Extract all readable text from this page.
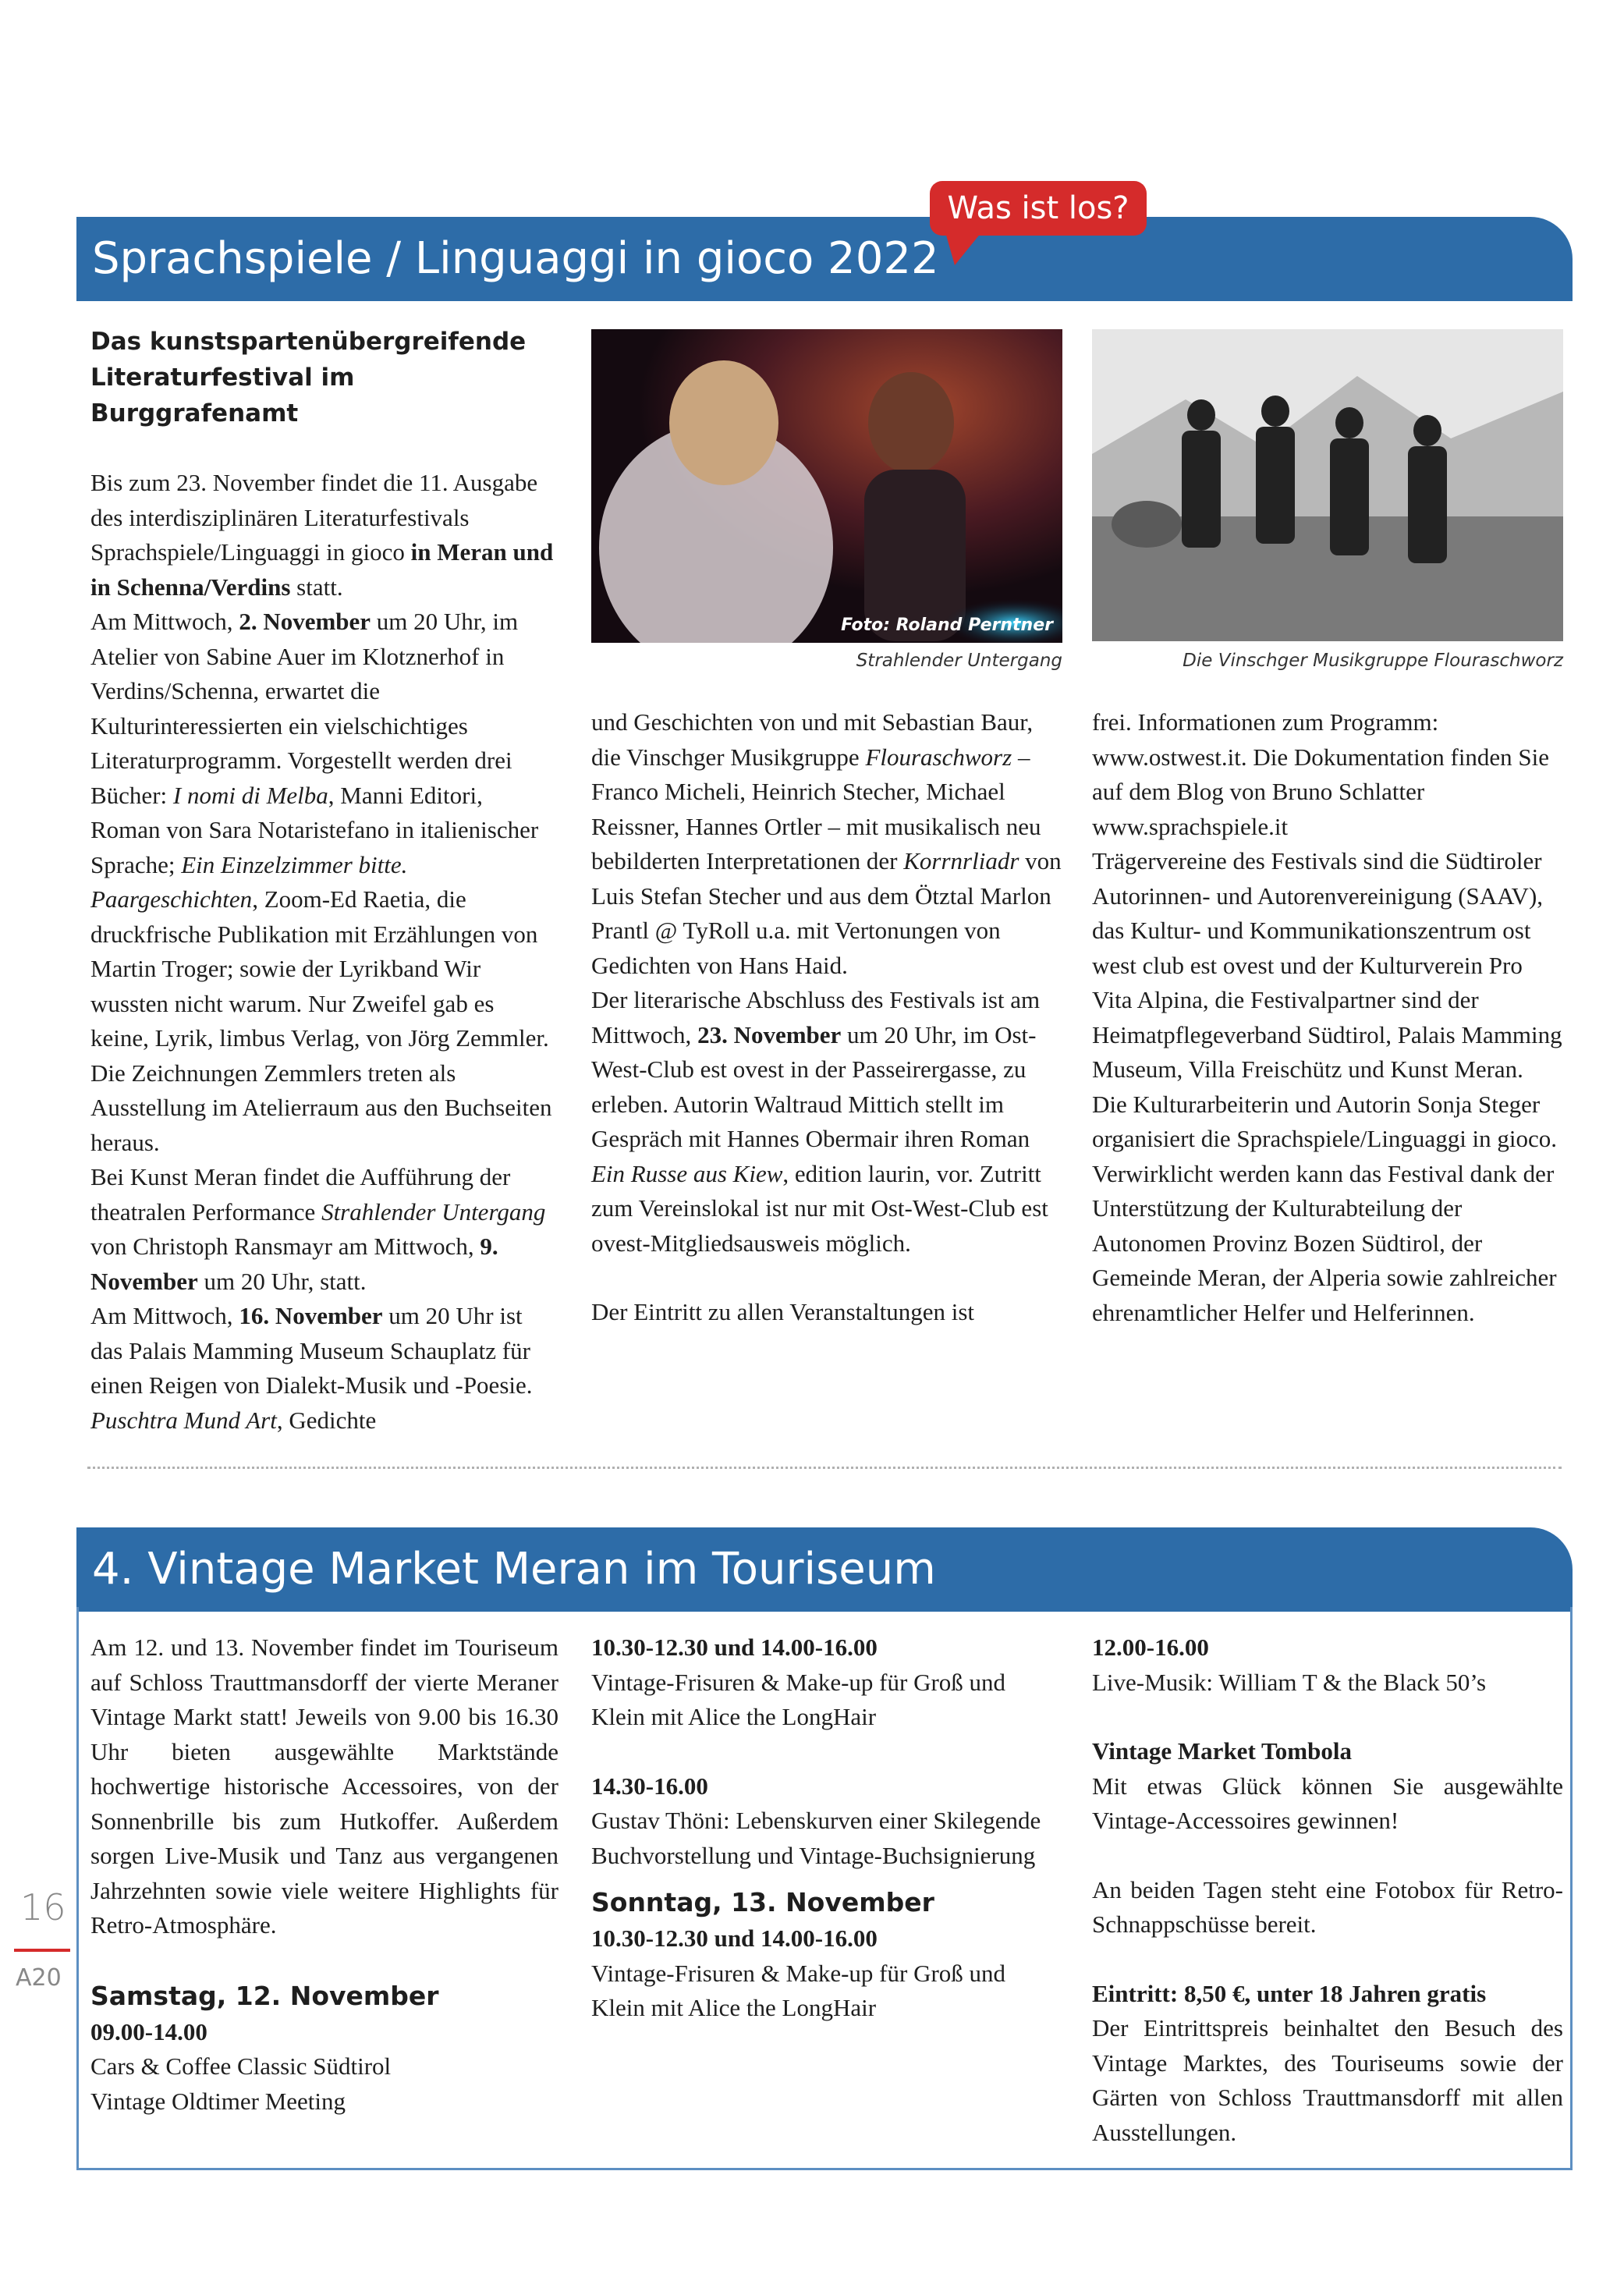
Sprachspiele / Linguaggi in gioco 2022
Was ist los?
Das kunstspartenübergreifende
Literaturfestival im Burggrafenamt

Bis zum 23. November findet die 11. Ausgabe des interdisziplinären Literaturfestivals Sprachspiele/Linguaggi in gioco in Meran und in Schenna/Verdins statt.

Am Mittwoch, 2. November um 20 Uhr, im Atelier von Sabine Auer im Klotznerhof in Verdins/Schenna, erwartet die Kulturinteressierten ein vielschichtiges Literaturprogramm. Vorgestellt werden drei Bücher: I nomi di Melba, Manni Editori, Roman von Sara Notaristefano in italienischer Sprache; Ein Einzelzimmer bitte. Paargeschichten, Zoom-Ed Raetia, die druckfrische Publikation mit Erzählungen von Martin Troger; sowie der Lyrikband Wir wussten nicht warum. Nur Zweifel gab es keine, Lyrik, limbus Verlag, von Jörg Zemmler. Die Zeichnungen Zemmlers treten als Ausstellung im Atelierraum aus den Buchseiten heraus.

Bei Kunst Meran findet die Aufführung der theatralen Performance Strahlender Untergang von Christoph Ransmayr am Mittwoch, 9. November um 20 Uhr, statt.

Am Mittwoch, 16. November um 20 Uhr ist das Palais Mamming Museum Schauplatz für einen Reigen von Dialekt-Musik und -Poesie. Puschtra Mund Art, Gedichte

Foto: Roland Perntner
Strahlender Untergang	Die Vinschger Musikgruppe Flouraschworz

und Geschichten von und mit Sebastian Baur, die Vinschger Musikgruppe Flouraschworz – Franco Micheli, Heinrich Stecher, Michael Reissner, Hannes Ortler – mit musikalisch neu bebilderten Interpretationen der Korrnrliadr von Luis Stefan Stecher und aus dem Ötztal Marlon Prantl @ TyRoll u.a. mit Vertonungen von Gedichten von Hans Haid.

Der literarische Abschluss des Festivals ist am Mittwoch, 23. November um 20 Uhr, im Ost-West-Club est ovest in der Passeirergasse, zu erleben. Autorin Waltraud Mittich stellt im Gespräch mit Hannes Obermair ihren Roman Ein Russe aus Kiew, edition laurin, vor. Zutritt zum Vereinslokal ist nur mit Ost-West-Club est ovest-Mitgliedsausweis möglich.

Der Eintritt zu allen Veranstaltungen ist

frei. Informationen zum Programm: www.ostwest.it. Die Dokumentation finden Sie auf dem Blog von Bruno Schlatter www.sprachspiele.it

Trägervereine des Festivals sind die Südtiroler Autorinnen- und Autorenvereinigung (SAAV), das Kultur- und Kommunikationszentrum ost west club est ovest und der Kulturverein Pro Vita Alpina, die Festivalpartner sind der Heimatpflegeverband Südtirol, Palais Mamming Museum, Villa Freischütz und Kunst Meran. Die Kulturarbeiterin und Autorin Sonja Steger organisiert die Sprachspiele/Linguaggi in gioco. Verwirklicht werden kann das Festival dank der Unterstützung der Kulturabteilung der Autonomen Provinz Bozen Südtirol, der Gemeinde Meran, der Alperia sowie zahlreicher ehrenamtlicher Helfer und Helferinnen.

4. Vintage Market Meran im Touriseum

Am 12. und 13. November findet im Touriseum auf Schloss Trauttmansdorff der vierte Meraner Vintage Markt statt! Jeweils von 9.00 bis 16.30 Uhr bieten ausgewählte Marktstände hochwertige historische Accessoires, von der Sonnenbrille bis zum Hutkoffer. Außerdem sorgen Live-Musik und Tanz aus vergangenen Jahrzehnten sowie viele weitere Highlights für Retro-Atmosphäre.

Samstag, 12. November

09.00-14.00

Cars & Coffee Classic Südtirol

Vintage Oldtimer Meeting

10.30-12.30 und 14.00-16.00

Vintage-Frisuren & Make-up für Groß und Klein mit Alice the LongHair

14.30-16.00

Gustav Thöni: Lebenskurven einer Skilegende Buchvorstellung und Vintage-Buchsignierung

Sonntag, 13. November

10.30-12.30 und 14.00-16.00

Vintage-Frisuren & Make-up für Groß und Klein mit Alice the LongHair

12.00-16.00

Live-Musik: William T & the Black 50’s

Vintage Market Tombola

Mit etwas Glück können Sie ausgewählte Vintage-Accessoires gewinnen!

An beiden Tagen steht eine Fotobox für Retro-Schnappschüsse bereit.

Eintritt: 8,50 €, unter 18 Jahren gratis

Der Eintrittspreis beinhaltet den Besuch des Vintage Marktes, des Touriseums sowie der Gärten von Schloss Trauttmansdorff mit allen Ausstellungen.

16
A20
